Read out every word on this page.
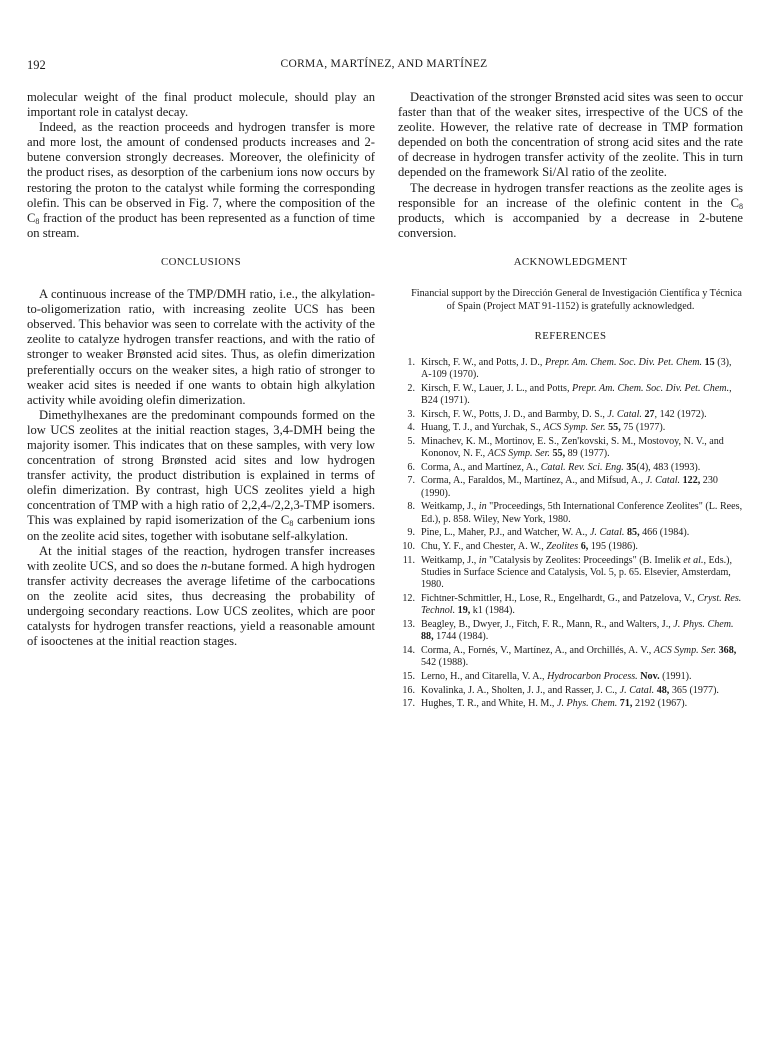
192	CORMA, MARTÍNEZ, AND MARTÍNEZ

molecular weight of the final product molecule, should play an important role in catalyst decay.

Indeed, as the reaction proceeds and hydrogen transfer is more and more lost, the amount of condensed products increases and 2-butene conversion strongly decreases. Moreover, the olefinicity of the product rises, as desorption of the carbenium ions now occurs by restoring the proton to the catalyst while forming the corresponding olefin. This can be observed in Fig. 7, where the composition of the $C_8$ fraction of the product has been represented as a function of time on stream.

CONCLUSIONS

A continuous increase of the TMP/DMH ratio, i.e., the alkylation-to-oligomerization ratio, with increasing zeolite UCS has been observed. This behavior was seen to correlate with the activity of the zeolite to catalyze hydrogen transfer reactions, and with the ratio of stronger to weaker Brønsted acid sites. Thus, as olefin dimerization preferentially occurs on the weaker sites, a high ratio of stronger to weaker acid sites is needed if one wants to obtain high alkylation activity while avoiding olefin dimerization.

Dimethylhexanes are the predominant compounds formed on the low UCS zeolites at the initial reaction stages, 3,4-DMH being the majority isomer. This indicates that on these samples, with very low concentration of strong Brønsted acid sites and low hydrogen transfer activity, the product distribution is explained in terms of olefin dimerization. By contrast, high UCS zeolites yield a high concentration of TMP with a high ratio of 2,2,4-/2,2,3-TMP isomers. This was explained by rapid isomerization of the $C_8$ carbenium ions on the zeolite acid sites, together with isobutane self-alkylation.

At the initial stages of the reaction, hydrogen transfer increases with zeolite UCS, and so does the n-butane formed. A high hydrogen transfer activity decreases the average lifetime of the carbocations on the zeolite acid sites, thus decreasing the probability of undergoing secondary reactions. Low UCS zeolites, which are poor catalysts for hydrogen transfer reactions, yield a reasonable amount of isooctenes at the initial reaction stages.

Deactivation of the stronger Brønsted acid sites was seen to occur faster than that of the weaker sites, irrespective of the UCS of the zeolite. However, the relative rate of decrease in TMP formation depended on both the concentration of strong acid sites and the rate of decrease in hydrogen transfer activity of the zeolite. This in turn depended on the framework Si/Al ratio of the zeolite.

The decrease in hydrogen transfer reactions as the zeolite ages is responsible for an increase of the olefinic content in the $C_8$ products, which is accompanied by a decrease in 2-butene conversion.

ACKNOWLEDGMENT

Financial support by the Dirección General de Investigación Científica y Técnica of Spain (Project MAT 91-1152) is gratefully acknowledged.

REFERENCES
1. Kirsch, F. W., and Potts, J. D., Prepr. Am. Chem. Soc. Div. Pet. Chem. 15 (3), A-109 (1970).
2. Kirsch, F. W., Lauer, J. L., and Potts, Prepr. Am. Chem. Soc. Div. Pet. Chem., B24 (1971).
3. Kirsch, F. W., Potts, J. D., and Barmby, D. S., J. Catal. 27, 142 (1972).
4. Huang, T. J., and Yurchak, S., ACS Symp. Ser. 55, 75 (1977).
5. Minachev, K. M., Mortinov, E. S., Zen'kovski, S. M., Mostovoy, N. V., and Kononov, N. F., ACS Symp. Ser. 55, 89 (1977).
6. Corma, A., and Martínez, A., Catal. Rev. Sci. Eng. 35(4), 483 (1993).
7. Corma, A., Faraldos, M., Martínez, A., and Mifsud, A., J. Catal. 122, 230 (1990).
8. Weitkamp, J., in "Proceedings, 5th International Conference Zeolites" (L. Rees, Ed.), p. 858. Wiley, New York, 1980.
9. Pine, L., Maher, P.J., and Watcher, W. A., J. Catal. 85, 466 (1984).
10. Chu, Y. F., and Chester, A. W., Zeolites 6, 195 (1986).
11. Weitkamp, J., in "Catalysis by Zeolites: Proceedings" (B. Imelik et al., Eds.), Studies in Surface Science and Catalysis, Vol. 5, p. 65. Elsevier, Amsterdam, 1980.
12. Fichtner-Schmittler, H., Lose, R., Engelhardt, G., and Patzelova, V., Cryst. Res. Technol. 19, k1 (1984).
13. Beagley, B., Dwyer, J., Fitch, F. R., Mann, R., and Walters, J., J. Phys. Chem. 88, 1744 (1984).
14. Corma, A., Fornés, V., Martínez, A., and Orchillés, A. V., ACS Symp. Ser. 368, 542 (1988).
15. Lerno, H., and Citarella, V. A., Hydrocarbon Process. Nov. (1991).
16. Kovalinka, J. A., Sholten, J. J., and Rasser, J. C., J. Catal. 48, 365 (1977).
17. Hughes, T. R., and White, H. M., J. Phys. Chem. 71, 2192 (1967).
